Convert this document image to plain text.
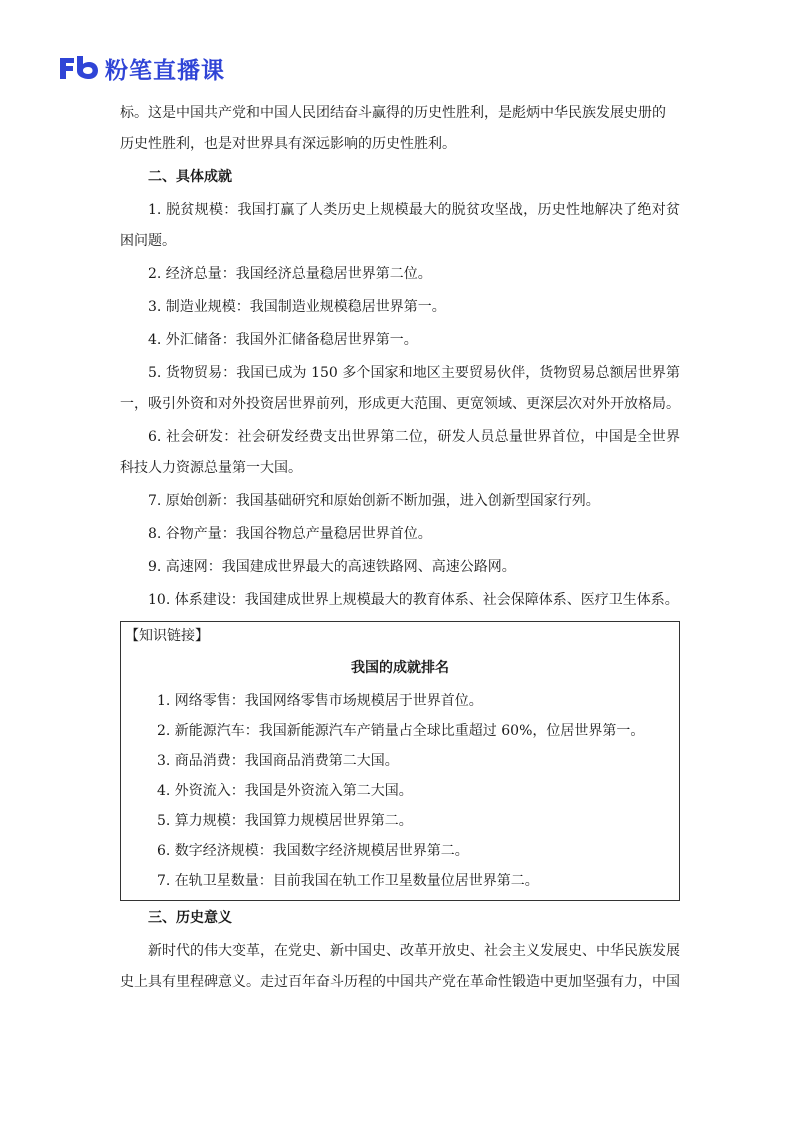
粉笔直播课

标。这是中国共产党和中国人民团结奋斗赢得的历史性胜利，是彪炳中华民族发展史册的

历史性胜利，也是对世界具有深远影响的历史性胜利。

二、具体成就

1. 脱贫规模：我国打赢了人类历史上规模最大的脱贫攻坚战，历史性地解决了绝对贫困问题。

2. 经济总量：我国经济总量稳居世界第二位。

3. 制造业规模：我国制造业规模稳居世界第一。

4. 外汇储备：我国外汇储备稳居世界第一。

5. 货物贸易：我国已成为 150 多个国家和地区主要贸易伙伴，货物贸易总额居世界第一，吸引外资和对外投资居世界前列，形成更大范围、更宽领域、更深层次对外开放格局。

6. 社会研发：社会研发经费支出世界第二位，研发人员总量世界首位，中国是全世界科技人力资源总量第一大国。

7. 原始创新：我国基础研究和原始创新不断加强，进入创新型国家行列。

8. 谷物产量：我国谷物总产量稳居世界首位。

9. 高速网：我国建成世界最大的高速铁路网、高速公路网。

10. 体系建设：我国建成世界上规模最大的教育体系、社会保障体系、医疗卫生体系。

【知识链接】

我国的成就排名

1. 网络零售：我国网络零售市场规模居于世界首位。

2. 新能源汽车：我国新能源汽车产销量占全球比重超过 60%，位居世界第一。

3. 商品消费：我国商品消费第二大国。

4. 外资流入：我国是外资流入第二大国。

5. 算力规模：我国算力规模居世界第二。

6. 数字经济规模：我国数字经济规模居世界第二。

7. 在轨卫星数量：目前我国在轨工作卫星数量位居世界第二。

三、历史意义

新时代的伟大变革，在党史、新中国史、改革开放史、社会主义发展史、中华民族发展史上具有里程碑意义。走过百年奋斗历程的中国共产党在革命性锻造中更加坚强有力，中国
